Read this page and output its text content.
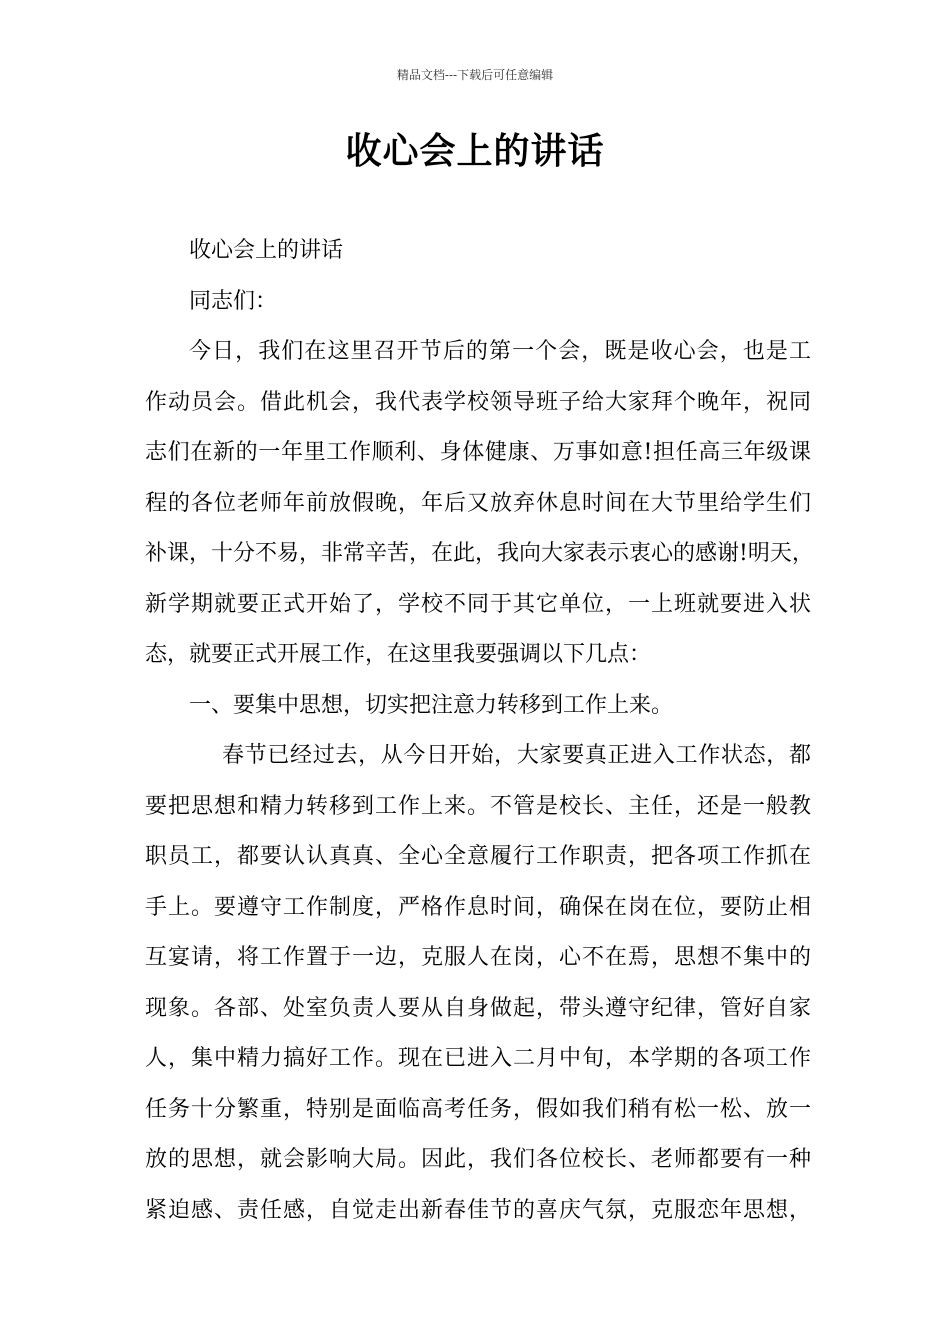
精品文档---下载后可任意编辑
收心会上的讲话
收心会上的讲话
同志们：
今日，我们在这里召开节后的第一个会，既是收心会，也是工
作动员会。借此机会，我代表学校领导班子给大家拜个晚年，祝同
志们在新的一年里工作顺利、身体健康、万事如意!担任高三年级课
程的各位老师年前放假晚，年后又放弃休息时间在大节里给学生们
补课，十分不易，非常辛苦，在此，我向大家表示衷心的感谢!明天，
新学期就要正式开始了，学校不同于其它单位，一上班就要进入状
态，就要正式开展工作，在这里我要强调以下几点：
一、要集中思想，切实把注意力转移到工作上来。
春节已经过去，从今日开始，大家要真正进入工作状态，都
要把思想和精力转移到工作上来。不管是校长、主任，还是一般教
职员工，都要认认真真、全心全意履行工作职责，把各项工作抓在
手上。要遵守工作制度，严格作息时间，确保在岗在位，要防止相
互宴请，将工作置于一边，克服人在岗，心不在焉，思想不集中的
现象。各部、处室负责人要从自身做起，带头遵守纪律，管好自家
人，集中精力搞好工作。现在已进入二月中旬，本学期的各项工作
任务十分繁重，特别是面临高考任务，假如我们稍有松一松、放一
放的思想，就会影响大局。因此，我们各位校长、老师都要有一种
紧迫感、责任感，自觉走出新春佳节的喜庆气氛，克服恋年思想，
